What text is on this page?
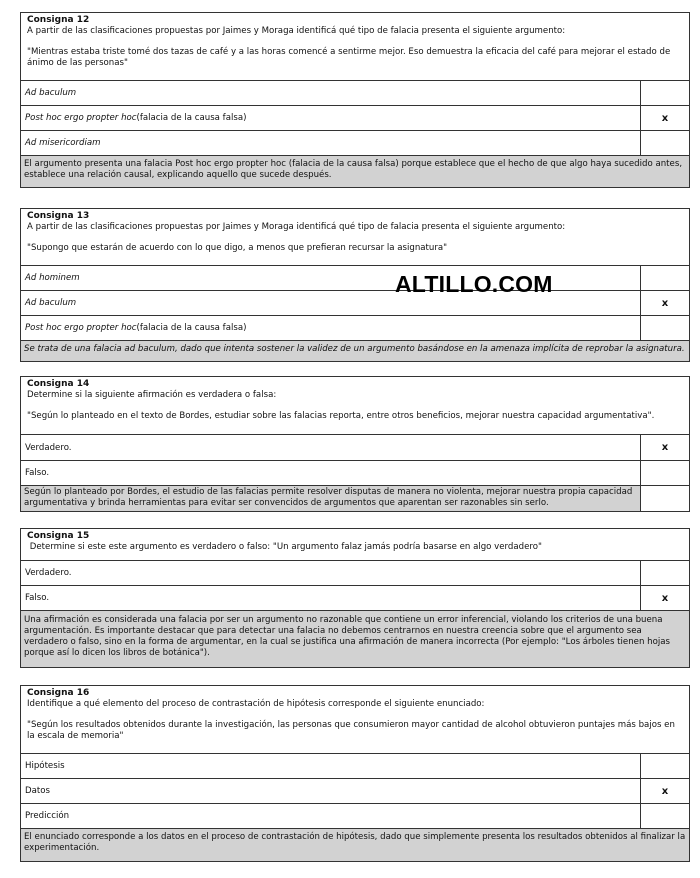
Consigna 12
A partir de las clasificaciones propuestas por Jaimes y Moraga identificá qué tipo de falacia presenta el siguiente argumento:
"Mientras estaba triste tomé dos tazas de café y a las horas comencé a sentirme mejor. Eso demuestra la eficacia del café para mejorar el estado de ánimo de las personas"
Ad baculum
Post hoc ergo propter hoc (falacia de la causa falsa)	x
Ad misericordiam
El argumento presenta una falacia Post hoc ergo propter hoc (falacia de la causa falsa) porque establece que el hecho de que algo haya sucedido antes, establece una relación causal, explicando aquello que sucede después.
Consigna 13
A partir de las clasificaciones propuestas por Jaimes y Moraga identificá qué tipo de falacia presenta el siguiente argumento:
"Supongo que estarán de acuerdo con lo que digo, a menos que prefieran recursar la asignatura"
Ad hominem
Ad baculum	x
Post hoc ergo propter hoc (falacia de la causa falsa)
Se trata de una falacia ad baculum, dado que intenta sostener la validez de un argumento basándose en la amenaza implícita de reprobar la asignatura.
Consigna 14
Determine si la siguiente afirmación es verdadera o falsa:
"Según lo planteado en el texto de Bordes, estudiar sobre las falacias reporta, entre otros beneficios, mejorar nuestra capacidad argumentativa".
Verdadero.	x
Falso.
Según lo planteado por Bordes, el estudio de las falacias permite resolver disputas de manera no violenta, mejorar nuestra propia capacidad argumentativa y brinda herramientas para evitar ser convencidos de argumentos que aparentan ser razonables sin serlo.
Consigna 15
Determine si este este argumento es verdadero o falso: "Un argumento falaz jamás podría basarse en algo verdadero"
Verdadero.
Falso.	x
Una afirmación es considerada una falacia por ser un argumento no razonable que contiene un error inferencial, violando los criterios de una buena argumentación. Es importante destacar que para detectar una falacia no debemos centrarnos en nuestra creencia sobre que el argumento sea verdadero o falso, sino en la forma de argumentar, en la cual se justifica una afirmación de manera incorrecta (Por ejemplo: "Los árboles tienen hojas porque así lo dicen los libros de botánica").
Consigna 16
Identifique a qué elemento del proceso de contrastación de hipótesis corresponde el siguiente enunciado:
"Según los resultados obtenidos durante la investigación, las personas que consumieron mayor cantidad de alcohol obtuvieron puntajes más bajos en la escala de memoria"
Hipótesis
Datos	x
Predicción
El enunciado corresponde a los datos en el proceso de contrastación de hipótesis, dado que simplemente presenta los resultados obtenidos al finalizar la experimentación.
ALTILLO.COM
